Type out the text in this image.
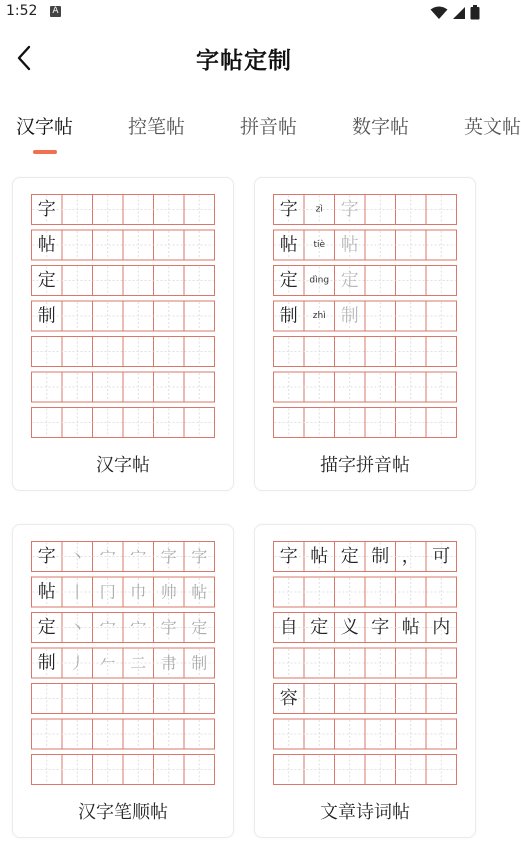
1:52 A
字帖定制
汉字帖	控笔帖	拼音帖	数字帖	英文帖
字
帖
定
制
汉字帖
字 zì 字
帖 tiè 帖
定 dìng 定
制 zhì 制
描字拼音帖
字 丶 宀 宀 字 字
帖 丨 冂 巾 帅 帖
定 丶 宀 宀 宇 定
制 丿 𠂉 二 帇 制
汉字笔顺帖
字 帖 定 制 ， 可
自 定 义 字 帖 内
容
文章诗词帖
